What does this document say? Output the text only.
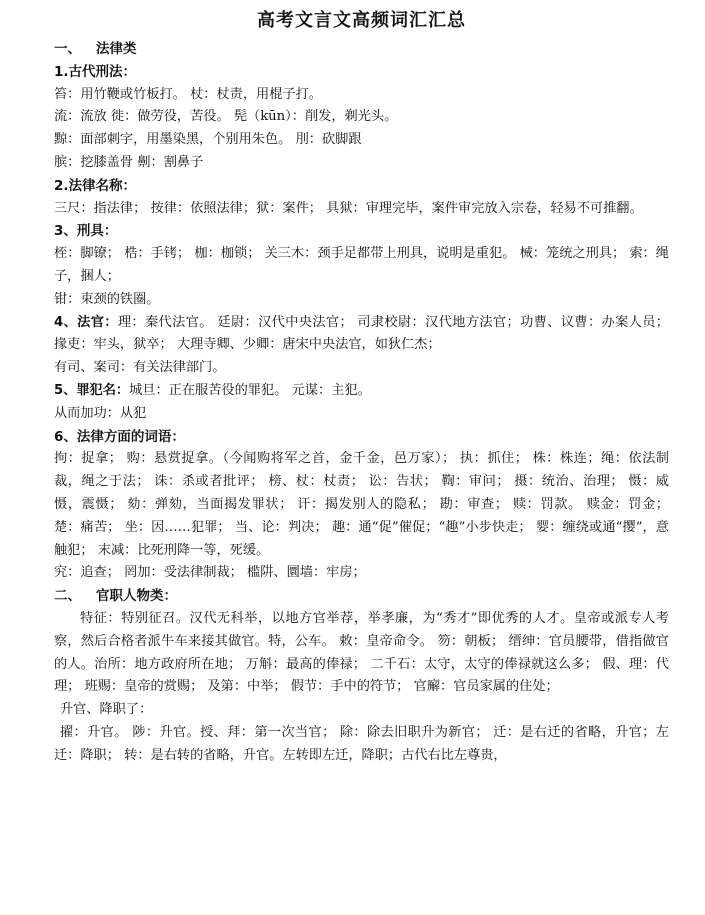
高考文言文高频词汇汇总
一、 法律类
1.古代刑法：
笞：用竹鞭或竹板打。 杖：杖责，用棍子打。
流：流放 徙：做劳役，苦役。 髡（kūn）：削发，剃光头。
黥：面部刺字，用墨染黑，个别用朱色。 刖：砍脚跟
膑：挖膝盖骨 劓：割鼻子
2.法律名称：
三尺：指法律； 按律：依照法律；狱：案件； 具狱：审理完毕，案件审完放入宗卷，轻易不可推翻。
3、刑具：
桎：脚镣； 梏：手铐； 枷：枷锁； 关三木：颈手足都带上刑具，说明是重犯。 械：笼统之刑具； 索：绳子，捆人；
钳：束颈的铁圈。
4、法官：理：秦代法官。 廷尉：汉代中央法官； 司隶校尉：汉代地方法官；功曹、议曹：办案人员； 掾吏：牢头，狱卒； 大理寺卿、少卿：唐宋中央法官，如狄仁杰；
有司、案司：有关法律部门。
5、罪犯名：城旦：正在服苦役的罪犯。 元谋：主犯。
从而加功：从犯
6、法律方面的词语：
拘：捉拿； 购：悬赏捉拿。（今闻购将军之首，金千金，邑万家）； 执：抓住； 株：株连；绳：依法制裁，绳之于法； 诛：杀或者批评； 榜、杖：杖责； 讼：告状； 鞫：审问； 摄：统治、治理； 慑：威慑，震慑； 劾：弹劾，当面揭发罪状； 讦：揭发别人的隐私； 勘：审查； 赎：罚款。 赎金：罚金； 楚：痛苦； 坐：因……犯罪； 当、论：判决； 趣：通“促”催促；“趣”小步快走； 婴：缠绕或通“撄”，意触犯； 末减：比死刑降一等，死缓。
究：追查； 罔加：受法律制裁； 槛阱、圜墙：牢房；
二、 官职人物类：
特征：特别征召。汉代无科举，以地方官举荐，举孝廉，为“秀才”即优秀的人才。皇帝或派专人考察，然后合格者派牛车来接其做官。特，公车。 敕：皇帝命令。 笏：朝板； 缙绅：官员腰带，借指做官的人。治所：地方政府所在地； 万斛：最高的俸禄； 二千石：太守，太守的俸禄就这么多； 假、理：代理； 班赐：皇帝的赏赐； 及第：中举； 假节：手中的符节； 官廨：官员家属的住处；
升官、降职了：
擢：升官。 陟：升官。授、拜：第一次当官； 除：除去旧职升为新官； 迁：是右迁的省略，升官；左迁：降职； 转：是右转的省略，升官。左转即左迁，降职；古代右比左尊贵，
